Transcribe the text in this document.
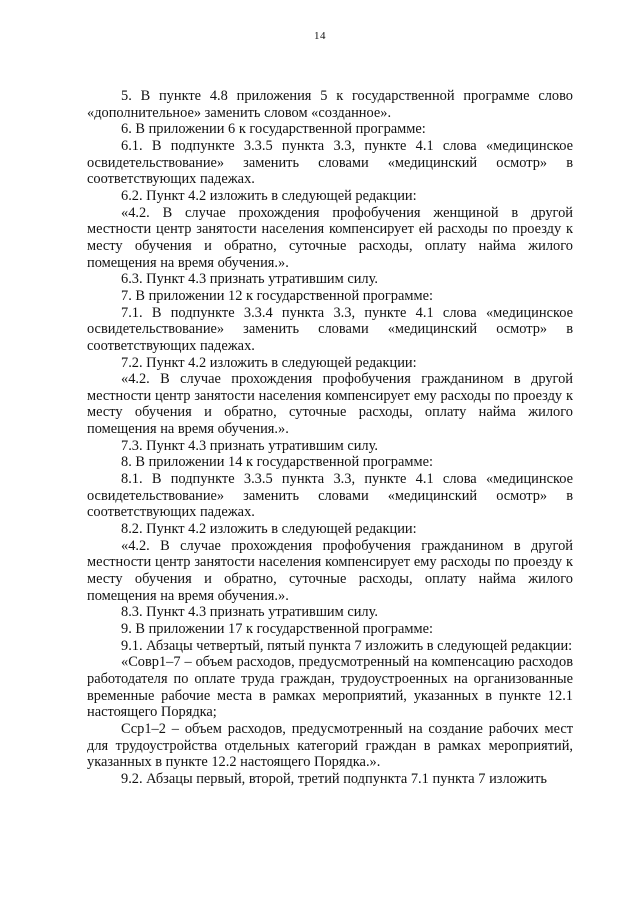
14

5. В пункте 4.8 приложения 5 к государственной программе слово «дополнительное» заменить словом «созданное».

6. В приложении 6 к государственной программе:

6.1. В подпункте 3.3.5 пункта 3.3, пункте 4.1 слова «медицинское освидетельствование» заменить словами «медицинский осмотр» в соответствующих падежах.

6.2. Пункт 4.2 изложить в следующей редакции:

«4.2. В случае прохождения профобучения женщиной в другой местности центр занятости населения компенсирует ей расходы по проезду к месту обучения и обратно, суточные расходы, оплату найма жилого помещения на время обучения.».

6.3. Пункт 4.3 признать утратившим силу.

7. В приложении 12 к государственной программе:

7.1. В подпункте 3.3.4 пункта 3.3, пункте 4.1 слова «медицинское освидетельствование» заменить словами «медицинский осмотр» в соответствующих падежах.

7.2. Пункт 4.2 изложить в следующей редакции:

«4.2. В случае прохождения профобучения гражданином в другой местности центр занятости населения компенсирует ему расходы по проезду к месту обучения и обратно, суточные расходы, оплату найма жилого помещения на время обучения.».

7.3. Пункт 4.3 признать утратившим силу.

8. В приложении 14 к государственной программе:

8.1. В подпункте 3.3.5 пункта 3.3, пункте 4.1 слова «медицинское освидетельствование» заменить словами «медицинский осмотр» в соответствующих падежах.

8.2. Пункт 4.2 изложить в следующей редакции:

«4.2. В случае прохождения профобучения гражданином в другой местности центр занятости населения компенсирует ему расходы по проезду к месту обучения и обратно, суточные расходы, оплату найма жилого помещения на время обучения.».

8.3. Пункт 4.3 признать утратившим силу.

9. В приложении 17 к государственной программе:

9.1. Абзацы четвертый, пятый пункта 7 изложить в следующей редакции:

«Совр1–7 – объем расходов, предусмотренный на компенсацию расходов работодателя по оплате труда граждан, трудоустроенных на организованные временные рабочие места в рамках мероприятий, указанных в пункте 12.1 настоящего Порядка;

Сср1–2 – объем расходов, предусмотренный на создание рабочих мест для трудоустройства отдельных категорий граждан в рамках мероприятий, указанных в пункте 12.2 настоящего Порядка.».

9.2. Абзацы первый, второй, третий подпункта 7.1 пункта 7 изложить
